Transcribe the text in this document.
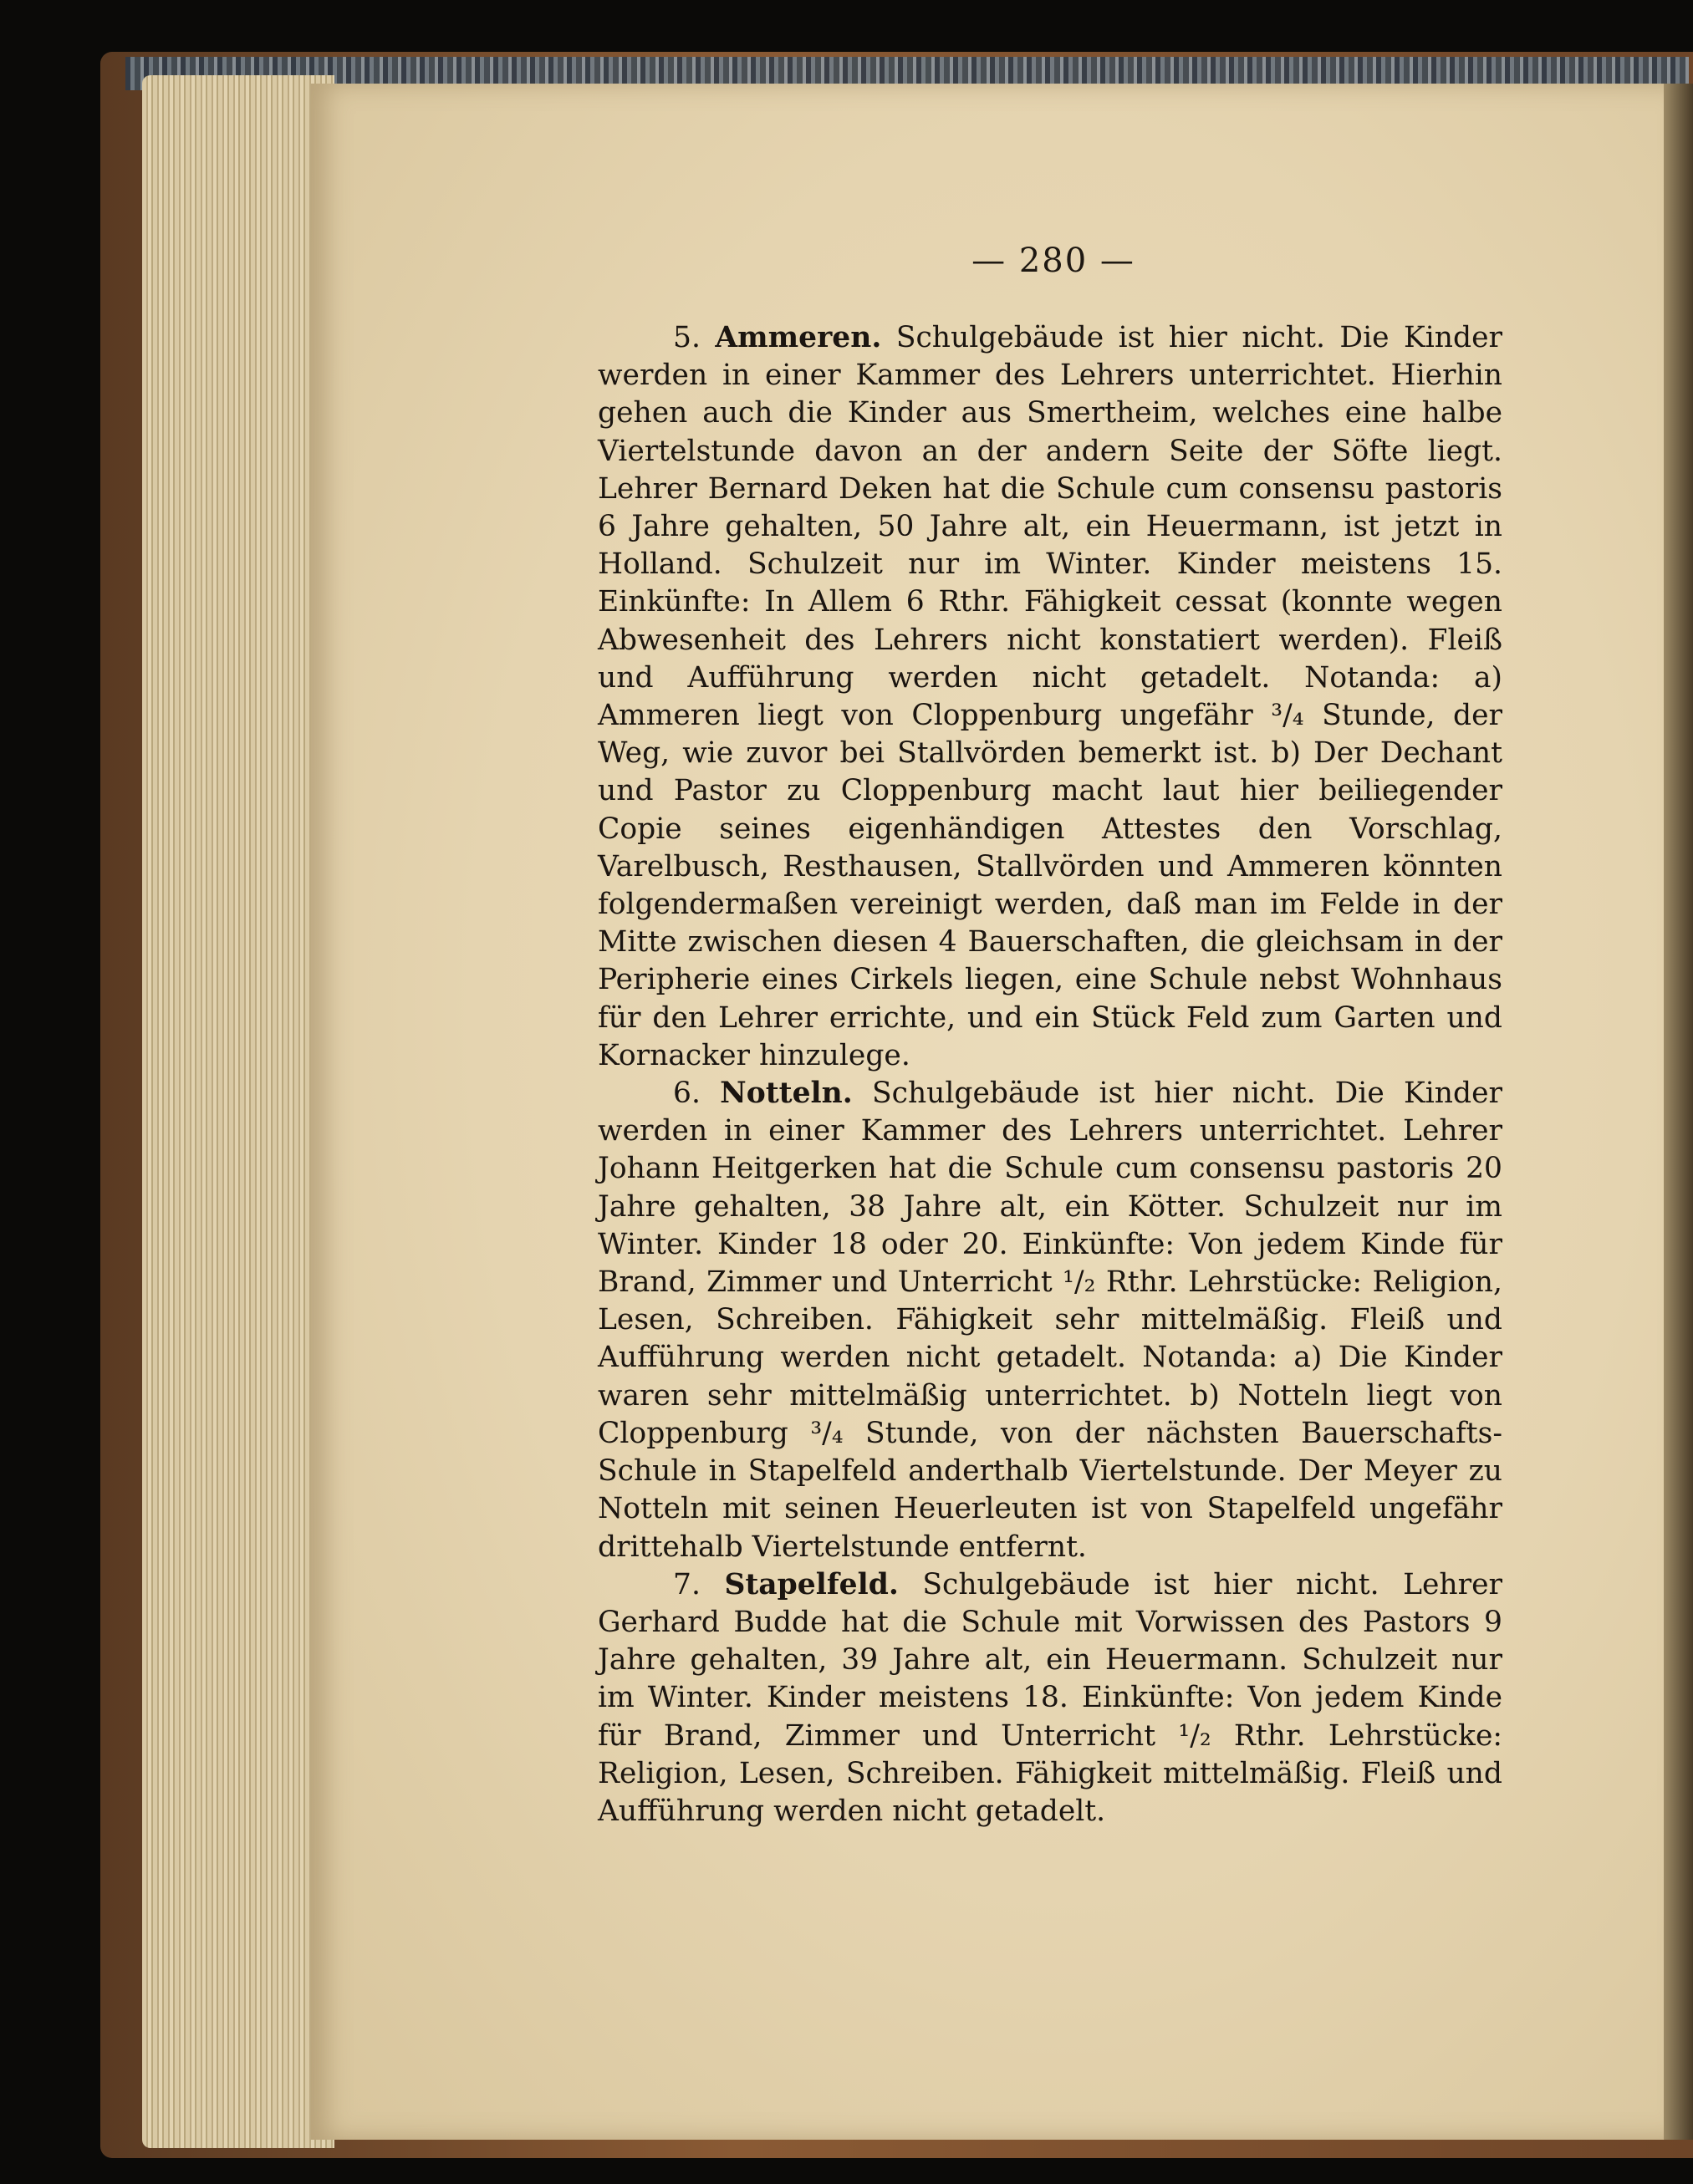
— 280 —

5. Ammeren. Schulgebäude ist hier nicht. Die Kinder werden in einer Kammer des Lehrers unterrichtet. Hierhin gehen auch die Kinder aus Smertheim, welches eine halbe Viertelstunde davon an der andern Seite der Söfte liegt. Lehrer Bernard Deken hat die Schule cum consensu pastoris 6 Jahre gehalten, 50 Jahre alt, ein Heuermann, ist jetzt in Holland. Schulzeit nur im Winter. Kinder meistens 15. Einkünfte: In Allem 6 Rthr. Fähigkeit cessat (konnte wegen Abwesenheit des Lehrers nicht konstatiert werden). Fleiß und Aufführung werden nicht getadelt. Notanda: a) Ammeren liegt von Cloppenburg ungefähr ³/₄ Stunde, der Weg, wie zuvor bei Stallvörden bemerkt ist. b) Der Dechant und Pastor zu Cloppenburg macht laut hier beiliegender Copie seines eigenhändigen Attestes den Vorschlag, Varelbusch, Resthausen, Stallvörden und Ammeren könnten folgendermaßen vereinigt werden, daß man im Felde in der Mitte zwischen diesen 4 Bauerschaften, die gleichsam in der Peripherie eines Cirkels liegen, eine Schule nebst Wohnhaus für den Lehrer errichte, und ein Stück Feld zum Garten und Kornacker hinzulege.

6. Notteln. Schulgebäude ist hier nicht. Die Kinder werden in einer Kammer des Lehrers unterrichtet. Lehrer Johann Heitgerken hat die Schule cum consensu pastoris 20 Jahre gehalten, 38 Jahre alt, ein Kötter. Schulzeit nur im Winter. Kinder 18 oder 20. Einkünfte: Von jedem Kinde für Brand, Zimmer und Unterricht ¹/₂ Rthr. Lehrstücke: Religion, Lesen, Schreiben. Fähigkeit sehr mittelmäßig. Fleiß und Aufführung werden nicht getadelt. Notanda: a) Die Kinder waren sehr mittelmäßig unterrichtet. b) Notteln liegt von Cloppenburg ³/₄ Stunde, von der nächsten Bauerschafts-Schule in Stapelfeld anderthalb Viertelstunde. Der Meyer zu Notteln mit seinen Heuerleuten ist von Stapelfeld ungefähr drittehalb Viertelstunde entfernt.

7. Stapelfeld. Schulgebäude ist hier nicht. Lehrer Gerhard Budde hat die Schule mit Vorwissen des Pastors 9 Jahre gehalten, 39 Jahre alt, ein Heuermann. Schulzeit nur im Winter. Kinder meistens 18. Einkünfte: Von jedem Kinde für Brand, Zimmer und Unterricht ¹/₂ Rthr. Lehrstücke: Religion, Lesen, Schreiben. Fähigkeit mittelmäßig. Fleiß und Aufführung werden nicht getadelt.
